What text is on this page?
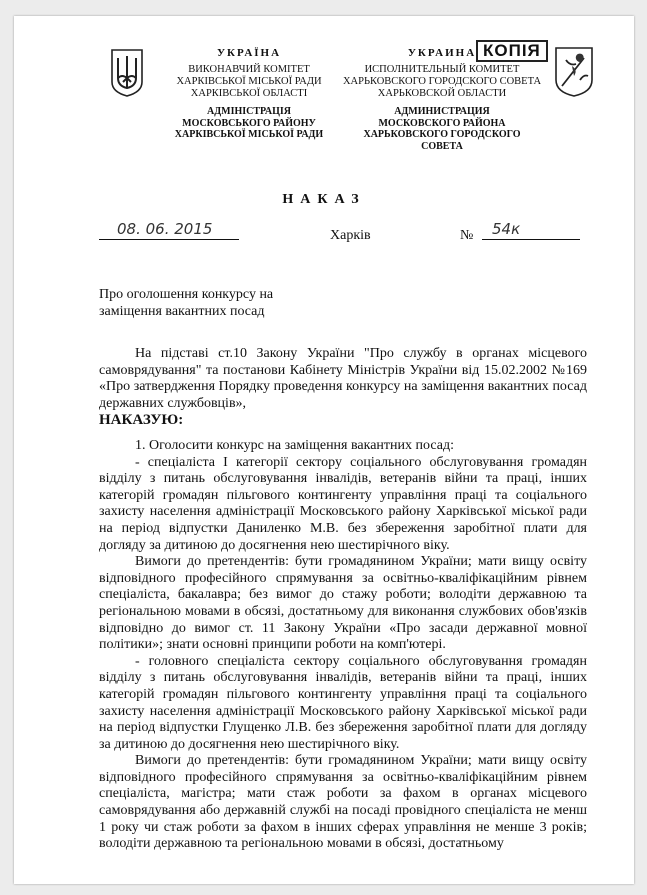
УКРАЇНА
ВИКОНАВЧИЙ КОМІТЕТ
ХАРКІВСЬКОЇ МІСЬКОЇ РАДИ
ХАРКІВСЬКОЇ ОБЛАСТІ
АДМІНІСТРАЦІЯ
МОСКОВСЬКОГО РАЙОНУ
ХАРКІВСЬКОЇ МІСЬКОЇ РАДИ
УКРАИНА
ИСПОЛНИТЕЛЬНЫЙ КОМИТЕТ
ХАРЬКОВСКОГО ГОРОДСКОГО СОВЕТА
ХАРЬКОВСКОЙ ОБЛАСТИ
АДМИНИСТРАЦИЯ
МОСКОВСКОГО РАЙОНА
ХАРЬКОВСКОГО ГОРОДСКОГО СОВЕТА
КОПІЯ
НАКАЗ
08. 06. 2015	Харків	№	54к
Про оголошення конкурсу на
заміщення вакантних посад

На підставі ст.10 Закону України "Про службу в органах місцевого самоврядування" та постанови Кабінету Міністрів України від 15.02.2002 №169 «Про затвердження Порядку проведення конкурсу на заміщення вакантних посад державних службовців»,

НАКАЗУЮ:

1. Оголосити конкурс на заміщення вакантних посад:

- спеціаліста I категорії сектору соціального обслуговування громадян відділу з питань обслуговування інвалідів, ветеранів війни та праці, інших категорій громадян пільгового контингенту управління праці та соціального захисту населення адміністрації Московського району Харківської міської ради на період відпустки Даниленко М.В. без збереження заробітної плати для догляду за дитиною до досягнення нею шестирічного віку.

Вимоги до претендентів: бути громадянином України; мати вищу освіту відповідного професійного спрямування за освітньо-кваліфікаційним рівнем спеціаліста, бакалавра; без вимог до стажу роботи; володіти державною та регіональною мовами в обсязі, достатньому для виконання службових обов'язків відповідно до вимог ст. 11 Закону України «Про засади державної мовної політики»; знати основні принципи роботи на комп'ютері.

- головного спеціаліста сектору соціального обслуговування громадян відділу з питань обслуговування інвалідів, ветеранів війни та праці, інших категорій громадян пільгового контингенту управління праці та соціального захисту населення адміністрації Московського району Харківської міської ради на період відпустки Глущенко Л.В. без збереження заробітної плати для догляду за дитиною до досягнення нею шестирічного віку.

Вимоги до претендентів: бути громадянином України; мати вищу освіту відповідного професійного спрямування за освітньо-кваліфікаційним рівнем спеціаліста, магістра; мати стаж роботи за фахом в органах місцевого самоврядування або державній службі на посаді провідного спеціаліста не менш 1 року чи стаж роботи за фахом в інших сферах управління не менше 3 років; володіти державною та регіональною мовами в обсязі, достатньому
